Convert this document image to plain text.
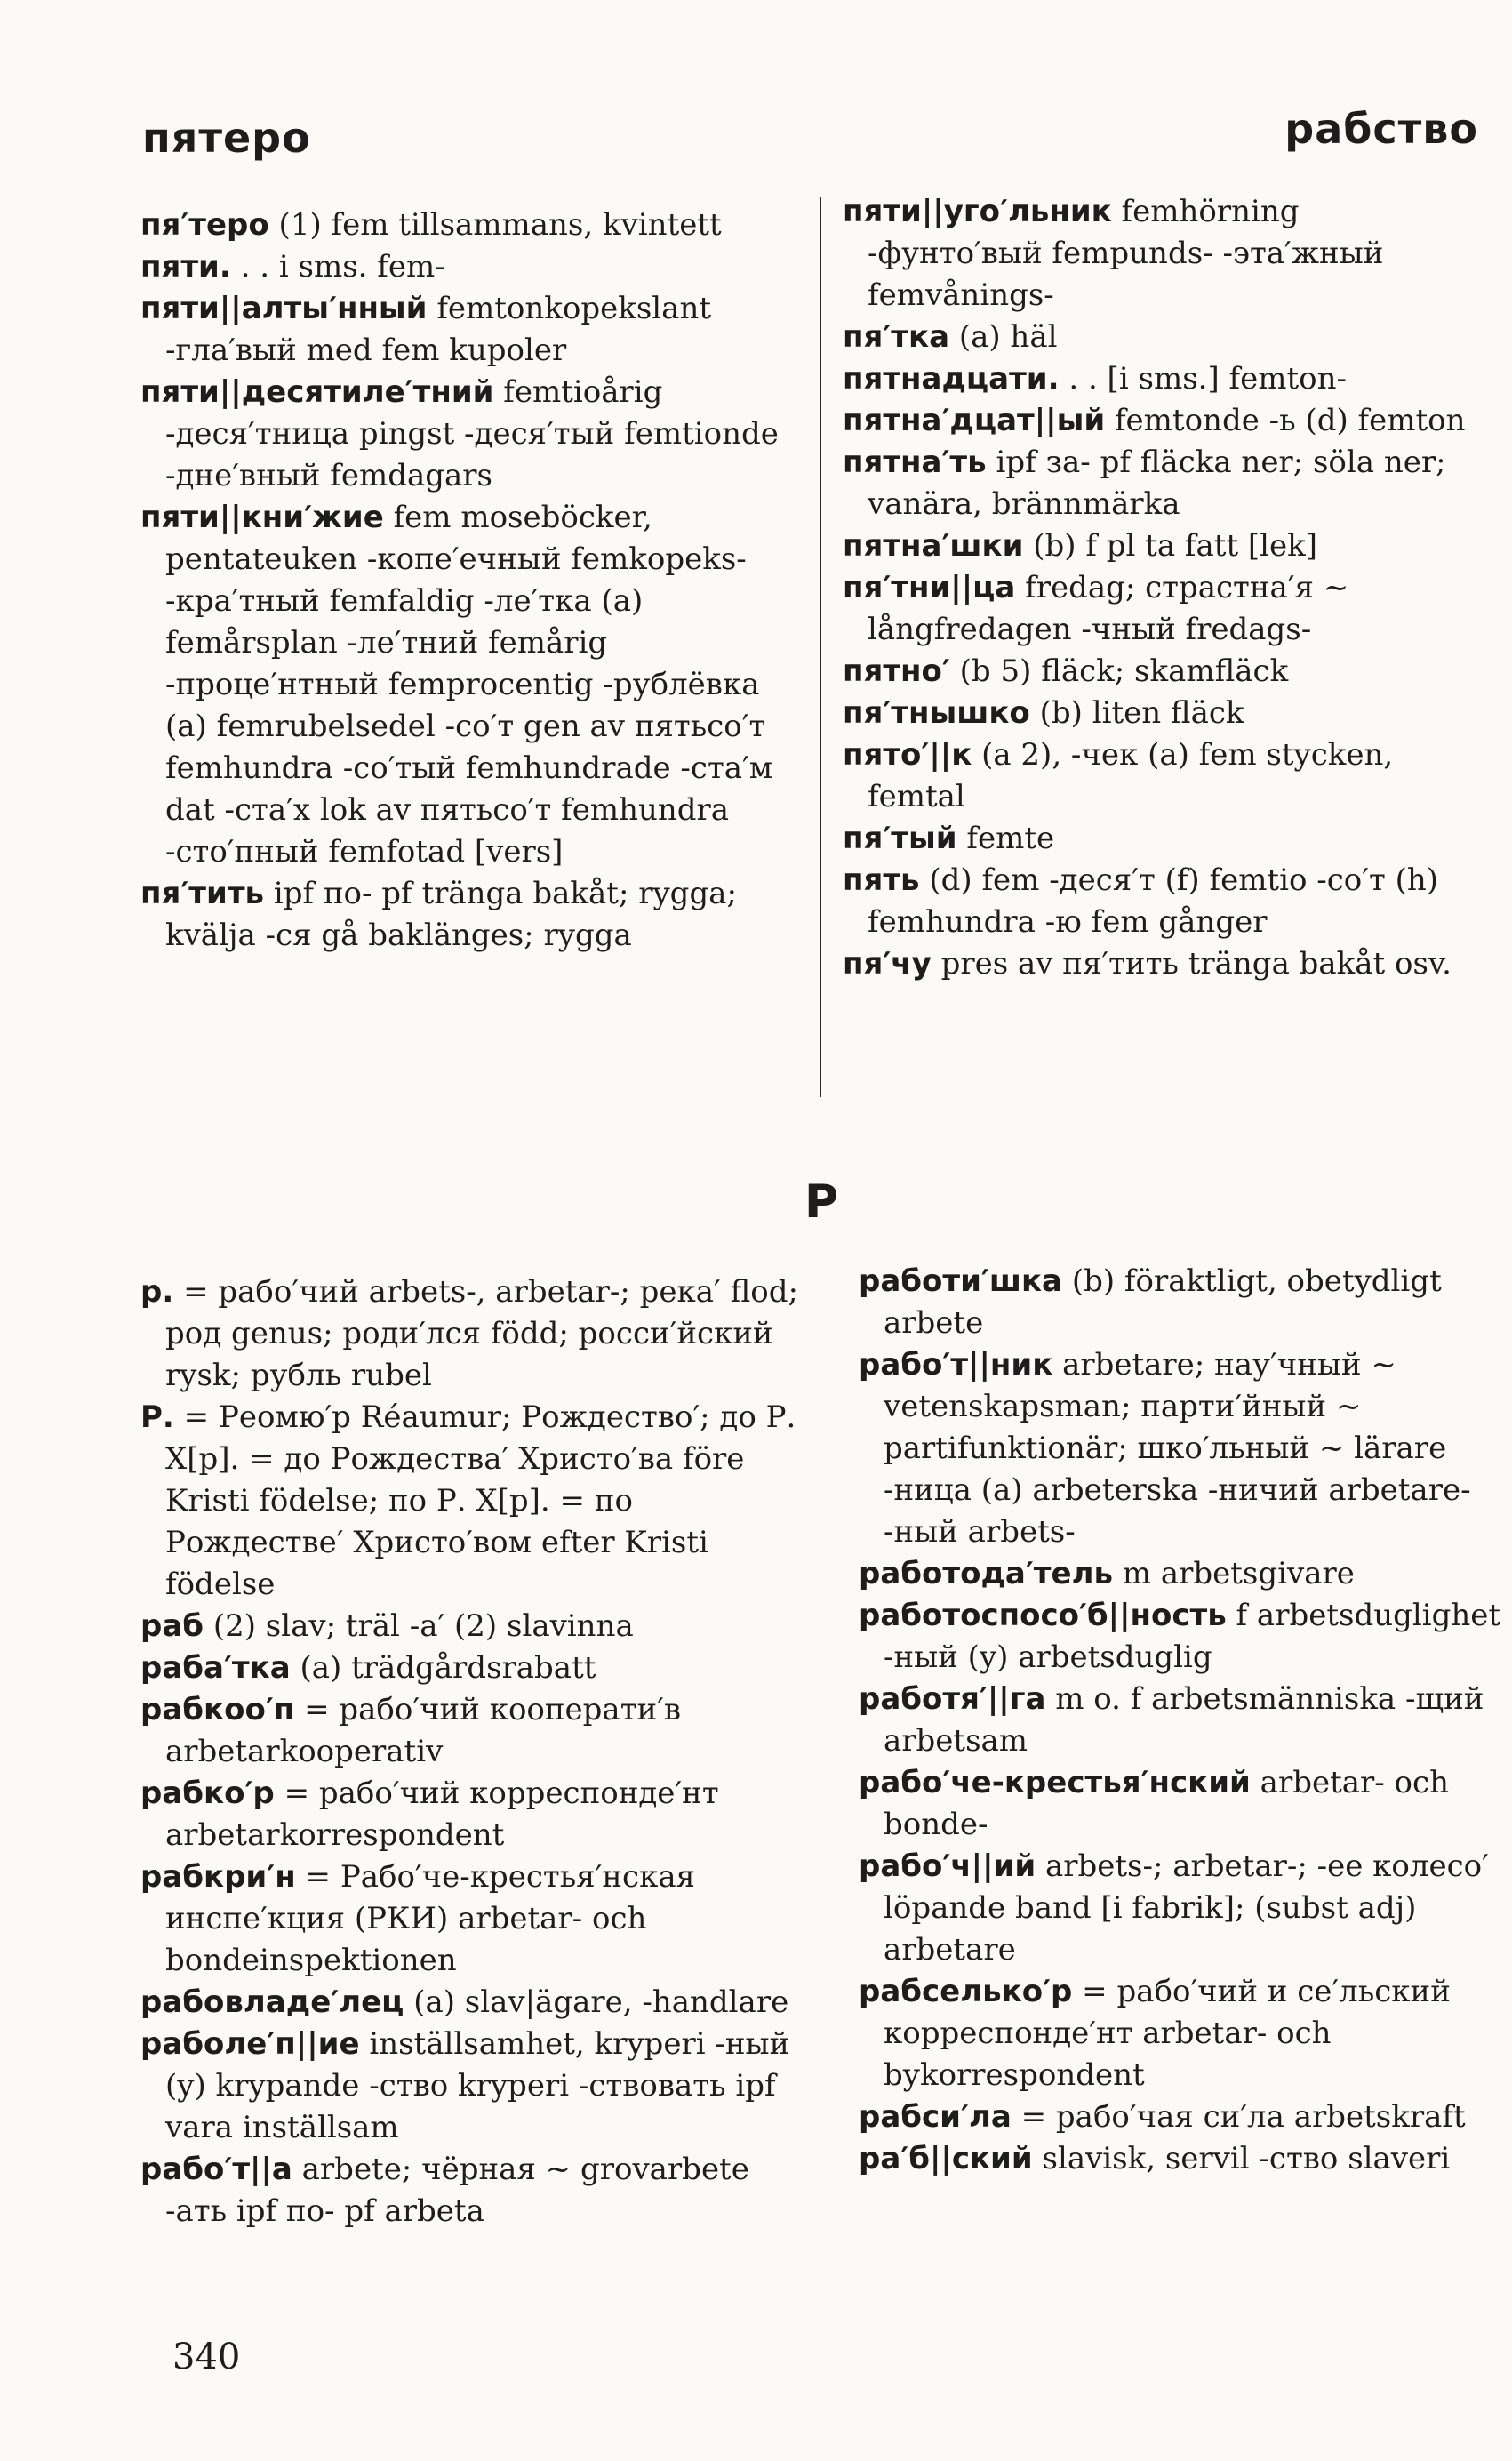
пятеро	рабство

пя′теро (1) fem tillsammans, kvintett

пяти. . . i sms. fem-

пяти||алты′нный femtonkopekslant -гла′вый med fem kupoler

пяти||десятиле′тний femtioårig -деся′тница pingst -деся′тый femtionde -дне′вный femdagars

пяти||кни′жие fem moseböcker, pentateuken -копе′ечный femkopeks- -кра′тный femfaldig -ле′тка (a) femårsplan -ле′тний femårig -проце′нтный femprocentig -рублёвка (a) femrubelsedel -со′т gen av пятьсо′т femhundra -со′тый femhundrade -ста′м dat -ста′х lok av пятьсо′т femhundra -сто′пный femfotad [vers]

пя′тить ipf по- pf tränga bakåt; rygga; kvälja -ся gå baklänges; rygga

пяти||уго′льник femhörning -фунто′вый fempunds- -эта′жный femvånings-

пя′тка (a) häl

пятнадцати. . . [i sms.] femton-

пятна′дцат||ый femtonde -ь (d) femton

пятна′ть ipf за- pf fläcka ner; söla ner; vanära, brännmärka

пятна′шки (b) f pl ta fatt [lek]

пя′тни||ца fredag; страстна′я ~ långfredagen -чный fredags-

пятно′ (b 5) fläck; skamfläck

пя′тнышко (b) liten fläck

пято′||к (a 2), -чек (a) fem stycken, femtal

пя′тый femte

пять (d) fem -деся′т (f) femtio -со′т (h) femhundra -ю fem gånger

пя′чу pres av пя′тить tränga bakåt osv.

Р

р. = рабо′чий arbets-, arbetar-; река′ flod; род genus; роди′лся född; росси′йский rysk; рубль rubel

Р. = Реомю′р Réaumur; Рождество′; до Р. Х[р]. = до Рождества′ Христо′ва före Kristi födelse; по Р. Х[р]. = по Рождестве′ Христо′вом efter Kristi födelse

раб (2) slav; träl -а′ (2) slavinna

раба′тка (a) trädgårdsrabatt

рабкоо′п = рабо′чий кооперати′в arbetarkooperativ

рабко′р = рабо′чий корреспонде′нт arbetarkorrespondent

рабкри′н = Рабо′че-крестья′нская инспе′кция (РКИ) arbetar- och bondeinspektionen

рабовладе′лец (a) slav|ägare, -handlare

раболе′п||ие inställsamhet, kryperi -ный (y) krypande -ство kryperi -ствовать ipf vara inställsam

рабо′т||а arbete; чёрная ~ grovarbete -ать ipf по- pf arbeta

работи′шка (b) föraktligt, obetydligt arbete

рабо′т||ник arbetare; нау′чный ~ vetenskapsman; парти′йный ~ partifunktionär; шко′льный ~ lärare -ница (a) arbeterska -ничий arbetare- -ный arbets-

работода′тель m arbetsgivare

работоспосо′б||ность f arbetsduglighet -ный (y) arbetsduglig

работя′||га m o. f arbetsmänniska -щий arbetsam

рабо′че-крестья′нский arbetar- och bonde-

рабо′ч||ий arbets-; arbetar-; -ее колесо′ löpande band [i fabrik]; (subst adj) arbetare

рабселько′р = рабо′чий и се′льский корреспонде′нт arbetar- och bykorrespondent

рабси′ла = рабо′чая си′ла arbetskraft

ра′б||ский slavisk, servil -ство slaveri

340
